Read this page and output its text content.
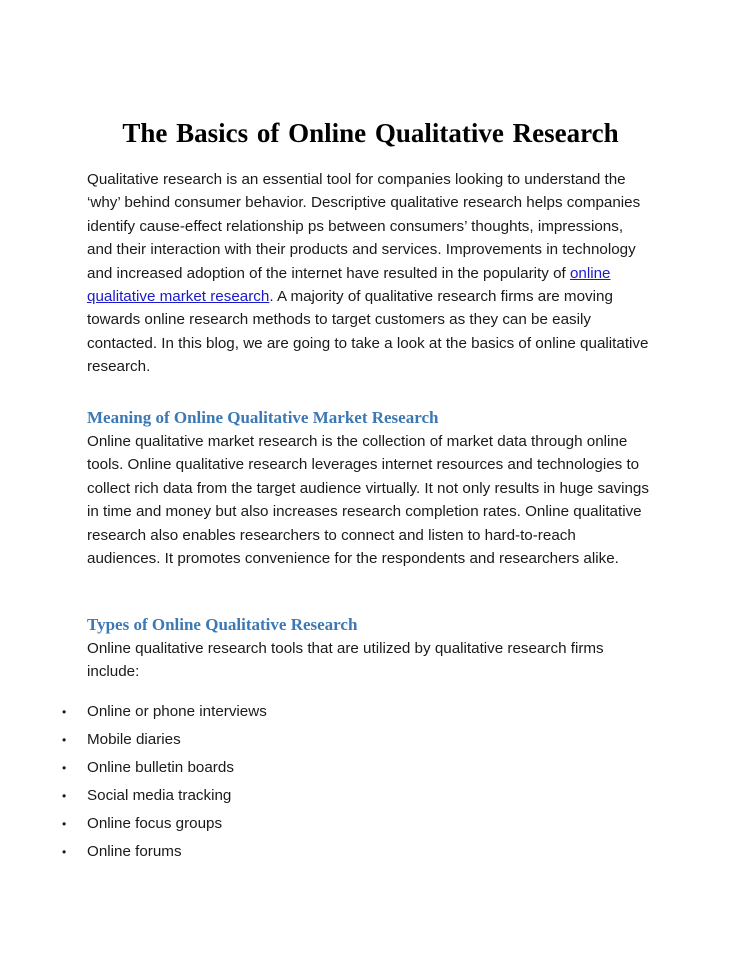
The Basics of Online Qualitative Research
Qualitative research is an essential tool for companies looking to understand the ‘why’ behind consumer behavior. Descriptive qualitative research helps companies identify cause-effect relationship ps between consumers’ thoughts, impressions, and their interaction with their products and services. Improvements in technology and increased adoption of the internet have resulted in the popularity of online qualitative market research. A majority of qualitative research firms are moving towards online research methods to target customers as they can be easily contacted. In this blog, we are going to take a look at the basics of online qualitative research.
Meaning of Online Qualitative Market Research
Online qualitative market research is the collection of market data through online tools. Online qualitative research leverages internet resources and technologies to collect rich data from the target audience virtually. It not only results in huge savings in time and money but also increases research completion rates. Online qualitative research also enables researchers to connect and listen to hard-to-reach audiences. It promotes convenience for the respondents and researchers alike.
Types of Online Qualitative Research
Online qualitative research tools that are utilized by qualitative research firms include:
• Online or phone interviews
• Mobile diaries
• Online bulletin boards
• Social media tracking
• Online focus groups
• Online forums
